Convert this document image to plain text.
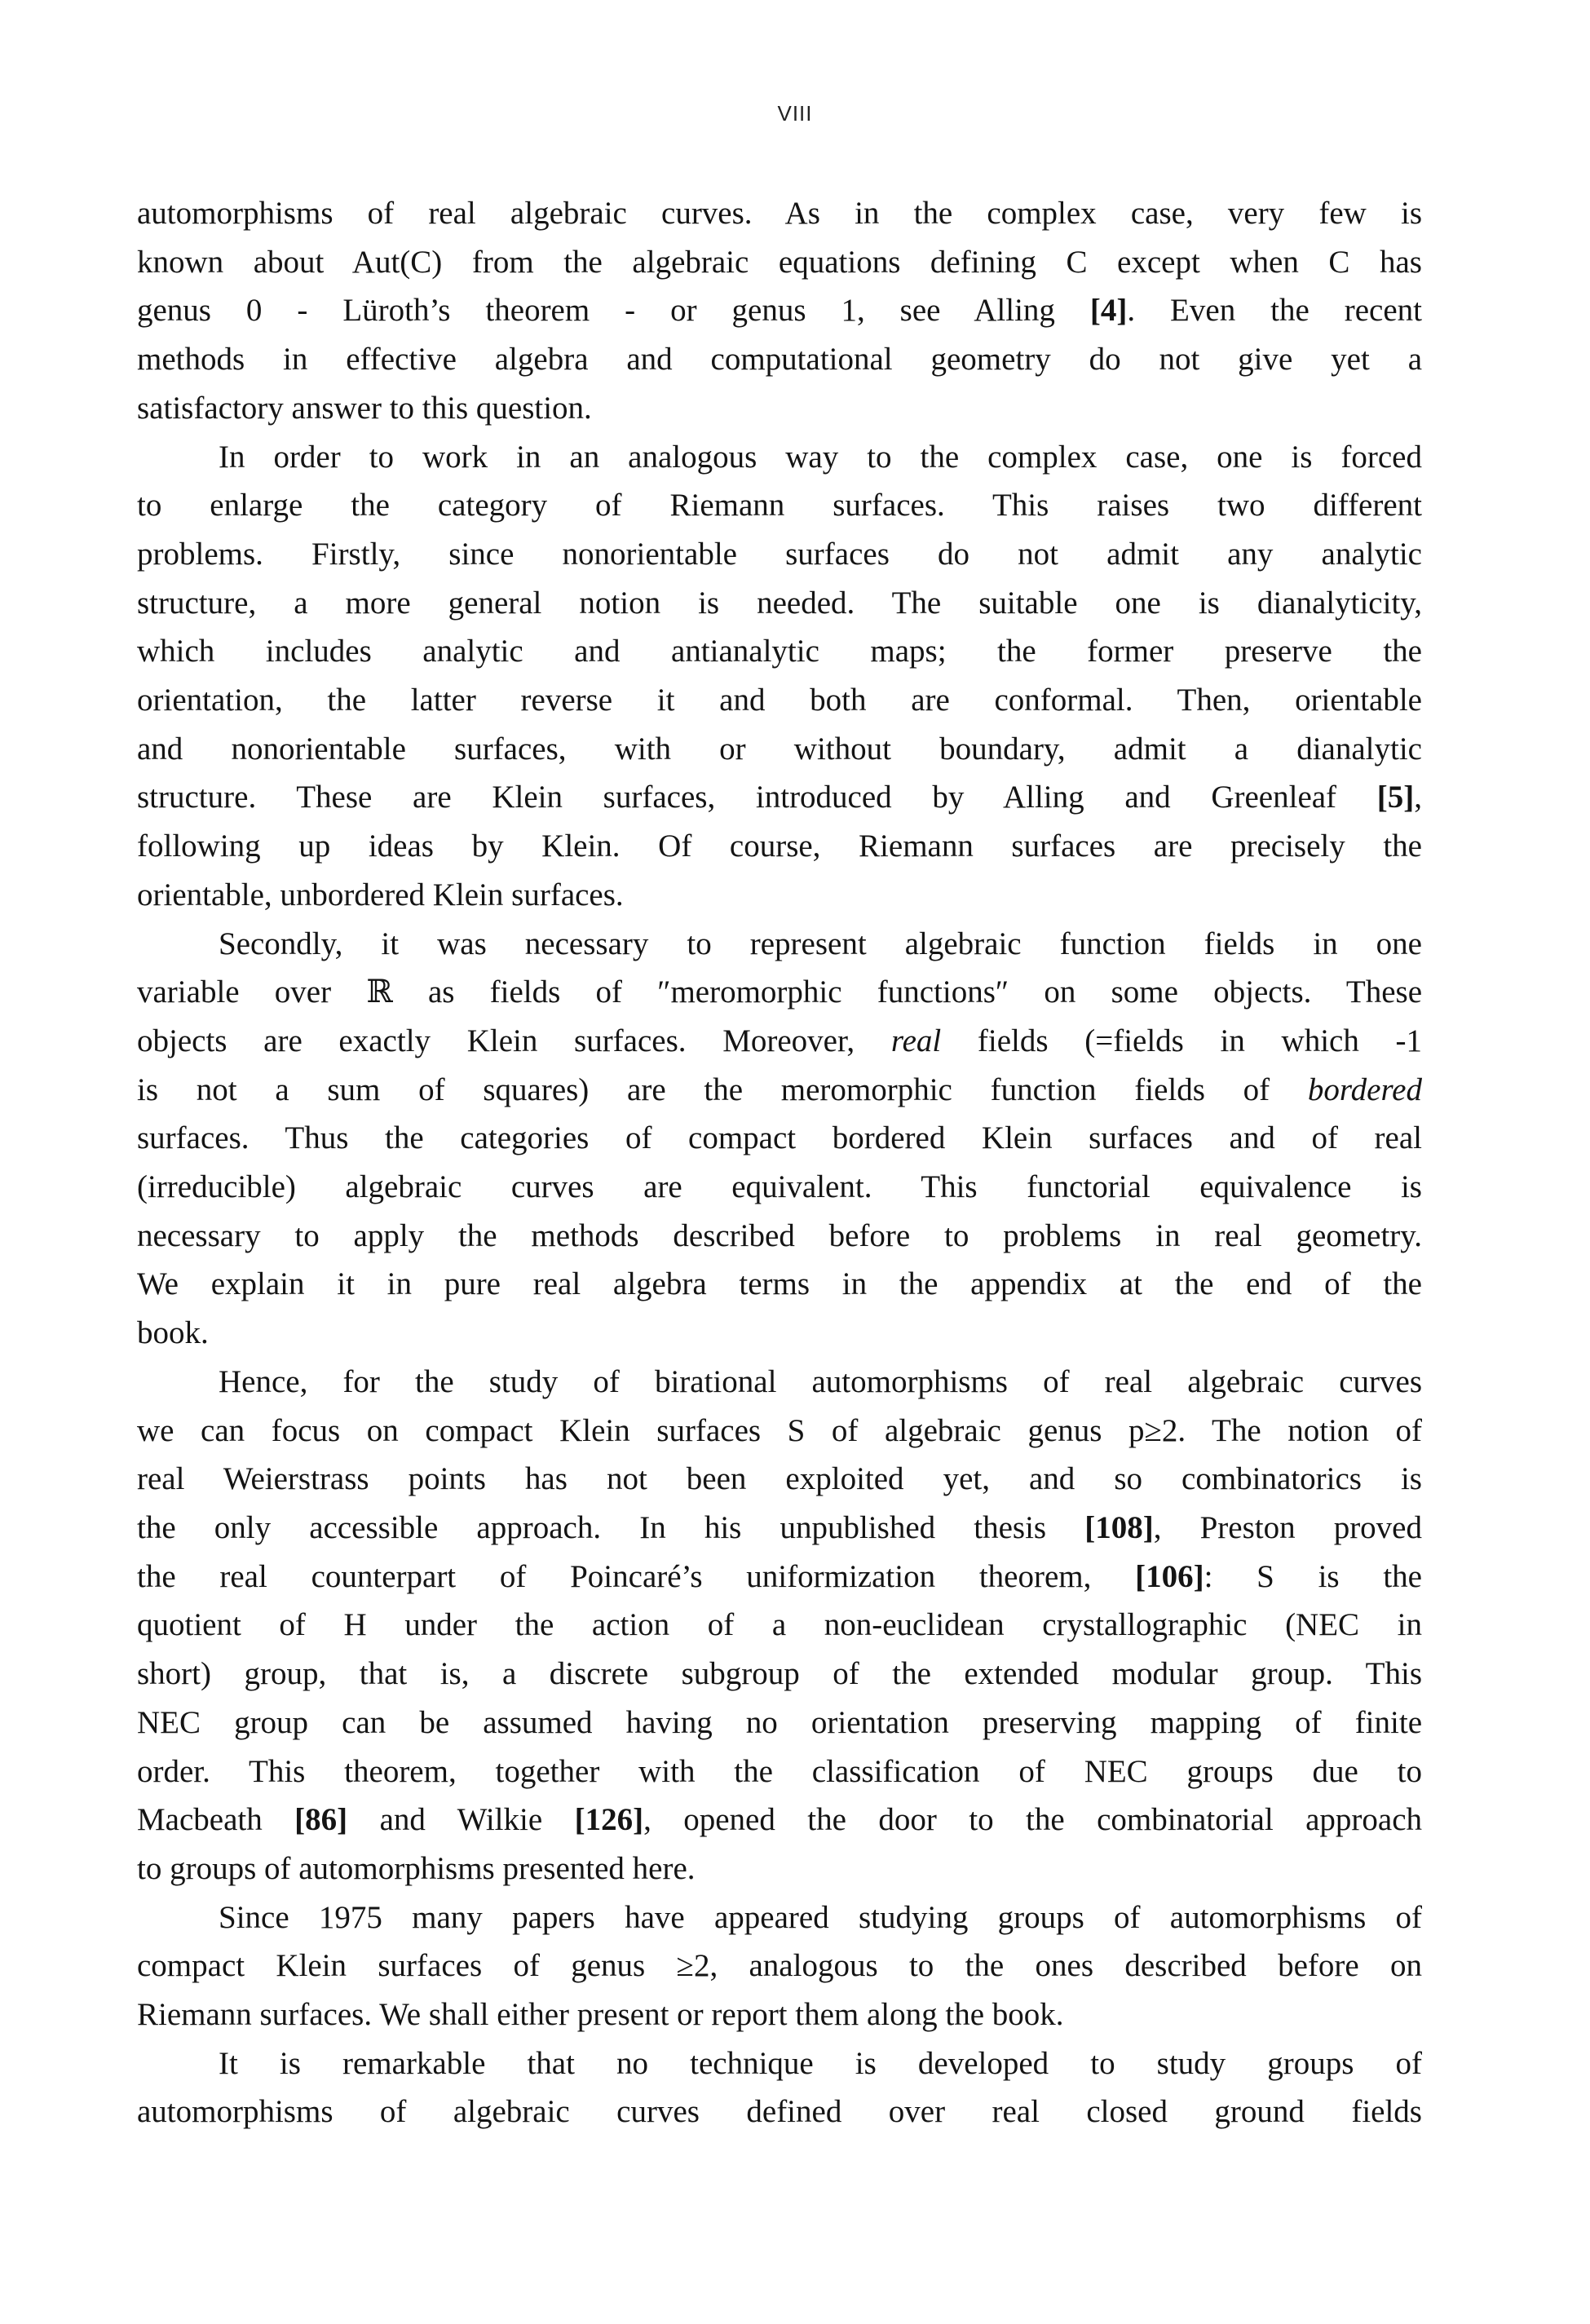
VIII
automorphisms of real algebraic curves. As in the complex case, very few is
known about Aut(C) from the algebraic equations defining C except when C has
genus 0 - Lüroth’s theorem - or genus 1, see Alling [4]. Even the recent
methods in effective algebra and computational geometry do not give yet a
satisfactory answer to this question.
In order to work in an analogous way to the complex case, one is forced
to enlarge the category of Riemann surfaces. This raises two different
problems. Firstly, since nonorientable surfaces do not admit any analytic
structure, a more general notion is needed. The suitable one is dianalyticity,
which includes analytic and antianalytic maps; the former preserve the
orientation, the latter reverse it and both are conformal. Then, orientable
and nonorientable surfaces, with or without boundary, admit a dianalytic
structure. These are Klein surfaces, introduced by Alling and Greenleaf [5],
following up ideas by Klein. Of course, Riemann surfaces are precisely the
orientable, unbordered Klein surfaces.
Secondly, it was necessary to represent algebraic function fields in one
variable over ℝ as fields of ″meromorphic functions″ on some objects. These
objects are exactly Klein surfaces. Moreover, real fields (=fields in which -1
is not a sum of squares) are the meromorphic function fields of bordered
surfaces. Thus the categories of compact bordered Klein surfaces and of real
(irreducible) algebraic curves are equivalent. This functorial equivalence is
necessary to apply the methods described before to problems in real geometry.
We explain it in pure real algebra terms in the appendix at the end of the
book.
Hence, for the study of birational automorphisms of real algebraic curves
we can focus on compact Klein surfaces S of algebraic genus p≥2. The notion of
real Weierstrass points has not been exploited yet, and so combinatorics is
the only accessible approach. In his unpublished thesis [108], Preston proved
the real counterpart of Poincaré’s uniformization theorem, [106]: S is the
quotient of H under the action of a non-euclidean crystallographic (NEC in
short) group, that is, a discrete subgroup of the extended modular group. This
NEC group can be assumed having no orientation preserving mapping of finite
order. This theorem, together with the classification of NEC groups due to
Macbeath [86] and Wilkie [126], opened the door to the combinatorial approach
to groups of automorphisms presented here.
Since 1975 many papers have appeared studying groups of automorphisms of
compact Klein surfaces of genus ≥2, analogous to the ones described before on
Riemann surfaces. We shall either present or report them along the book.
It is remarkable that no technique is developed to study groups of
automorphisms of algebraic curves defined over real closed ground fields
